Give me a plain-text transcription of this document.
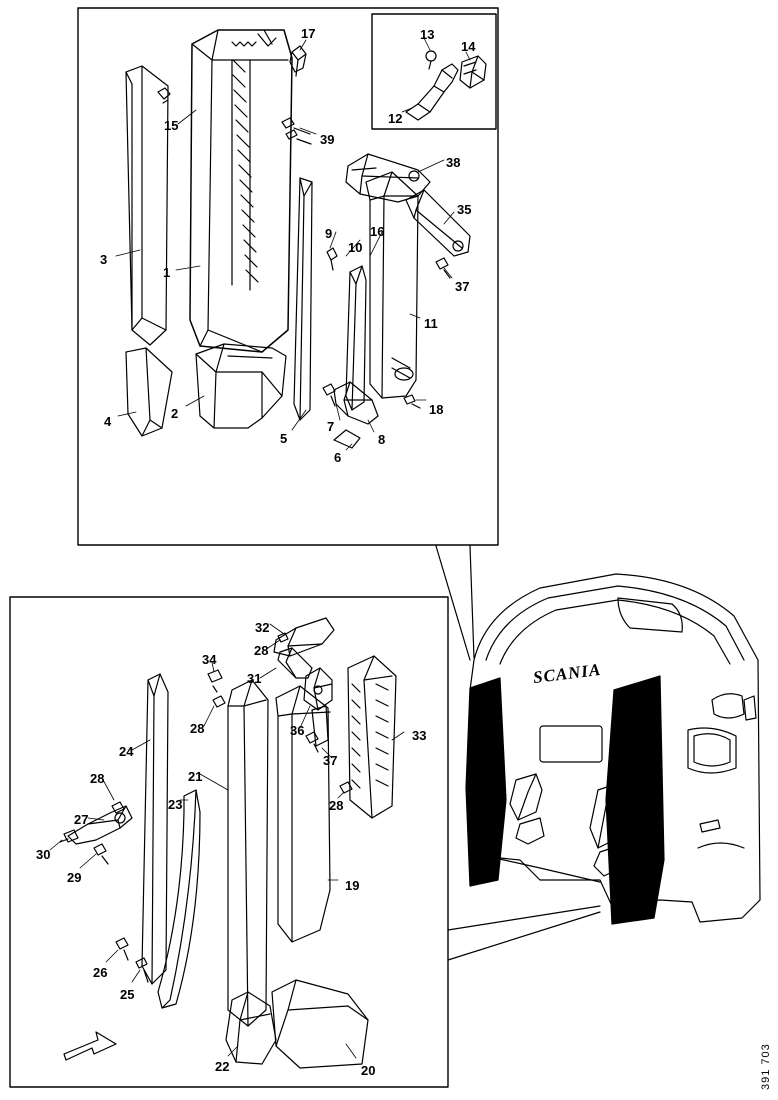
17	13
14
12
15
39
38
35
9	16
10
3
1
37
11
4
2	18
7
8
5
6
32
28
34
31
28	36	33
24
37
21
28
28
23
27
30
29
19
26
25
22	20
SCANIA
391 703
